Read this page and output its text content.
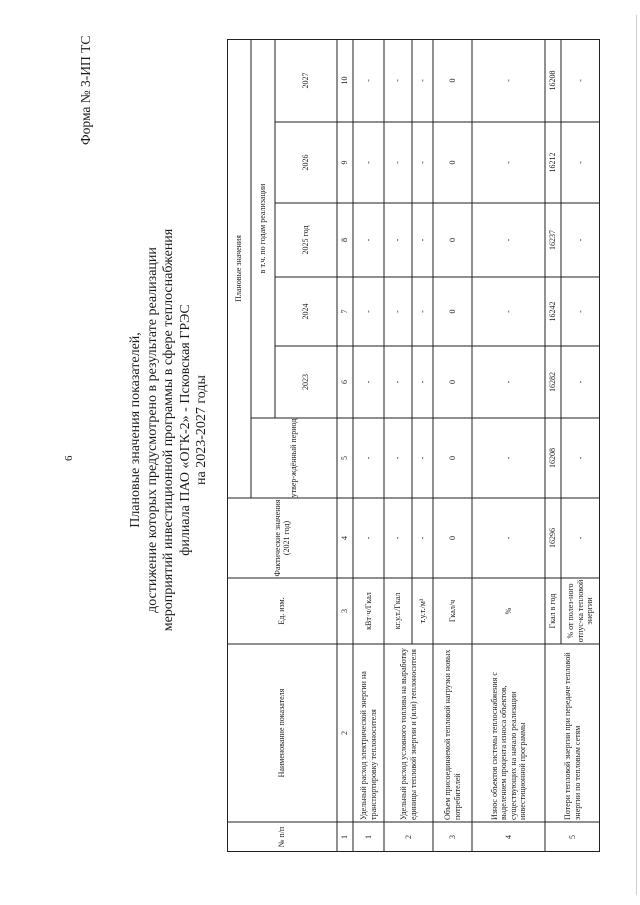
6
Форма № 3-ИП ТС
Плановые значения показателей, достижение которых предусмотрено в результате реализации мероприятий инвестиционной программы в сфере теплоснабжения филиала ПАО «ОГК-2» - Псковская ГРЭС на 2023-2027 годы
№ п/п
Наименование показателя
Ед. изм.
Фактические значения (2021 год)
Плановые значения
утвер-ждённый период
в т.ч. по годам реализации
2023
2024
2025 год
2026
2027
1
2
3
4
5
6
7
8
9
10
1
Удельный расход электрической энергии на транспортировку теплоносителя
кВт·ч/Гкал
-
-
-
-
-
-
-
2
Удельный расход условного топлива на выработку единицы тепловой энергии и (или) теплоносителя
кг.у.т./Гкал
-
-
-
-
-
-
-
т.у.т./м³
-
-
-
-
-
-
-
3
Объем присоединяемой тепловой нагрузки новых потребителей
Гкал/ч
0
0
0
0
0
0
0
4
Износ объектов системы теплоснабжения с выделением процента износа объектов, существующих на начало реализации инвестиционной программы
%
-
-
-
-
-
-
-
5
Потери тепловой энергии при передаче тепловой энергии по тепловым сетям
Гкал в год
16296
16208
16282
16242
16237
16212
16208
% от полез-ного отпус-ка тепловой энергии
-
-
-
-
-
-
-
